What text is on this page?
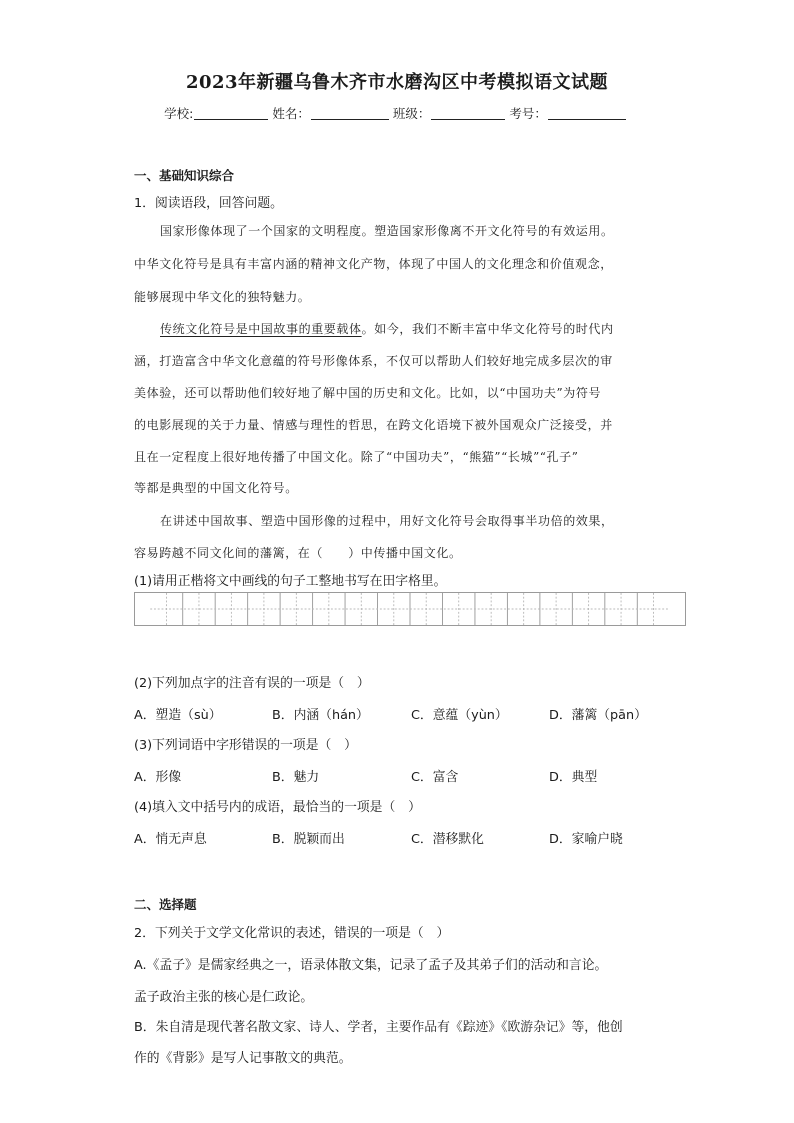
2023年新疆乌鲁木齐市水磨沟区中考模拟语文试题
学校:	姓名：	班级：	考号：
一、基础知识综合
1．阅读语段，回答问题。
国家形像体现了一个国家的文明程度。塑造国家形像离不开文化符号的有效运用。
中华文化符号是具有丰富内涵的精神文化产物，体现了中国人的文化理念和价值观念，
能够展现中华文化的独特魅力。
传统文化符号是中国故事的重要载体。如今，我们不断丰富中华文化符号的时代内
涵，打造富含中华文化意蕴的符号形像体系，不仅可以帮助人们较好地完成多层次的审
美体验，还可以帮助他们较好地了解中国的历史和文化。比如，以“中国功夫”为符号
的电影展现的关于力量、情感与理性的哲思，在跨文化语境下被外国观众广泛接受，并
且在一定程度上很好地传播了中国文化。除了“中国功夫”，“熊猫”“长城”“孔子”
等都是典型的中国文化符号。
在讲述中国故事、塑造中国形像的过程中，用好文化符号会取得事半功倍的效果，
容易跨越不同文化间的藩篱，在（　　）中传播中国文化。
(1)请用正楷将文中画线的句子工整地书写在田字格里。
(2)下列加点字的注音有误的一项是（　）
A．塑造（sù）	B．内涵（hán）	C．意蕴（yùn）	D．藩篱（pān）
(3)下列词语中字形错误的一项是（　）
A．形像	B．魅力	C．富含	D．典型
(4)填入文中括号内的成语，最恰当的一项是（　）
A．悄无声息	B．脱颖而出	C．潜移默化	D．家喻户晓
二、选择题
2．下列关于文学文化常识的表述，错误的一项是（　）
A.《孟子》是儒家经典之一，语录体散文集，记录了孟子及其弟子们的活动和言论。
孟子政治主张的核心是仁政论。
B．朱自清是现代著名散文家、诗人、学者，主要作品有《踪迹》《欧游杂记》等，他创
作的《背影》是写人记事散文的典范。
